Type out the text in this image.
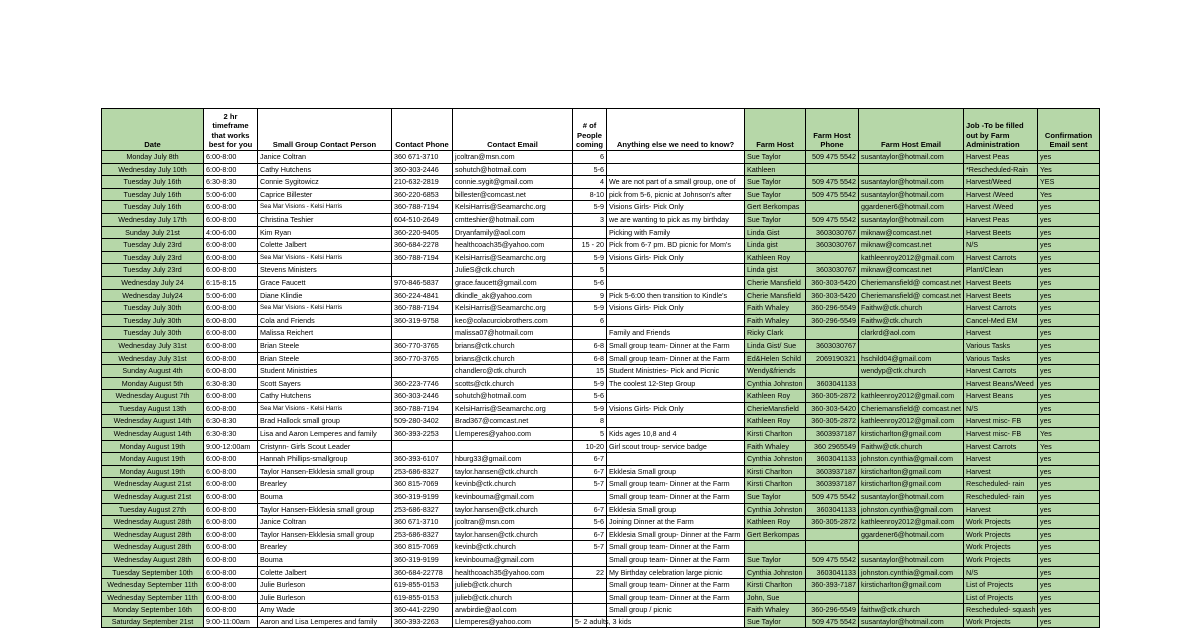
Date	2 hr timeframe that works best for you	Small Group Contact Person	Contact Phone	Contact Email	# of People coming	Anything else we need to know?	Farm Host	Farm Host Phone	Farm Host Email	Job -To be filled out by Farm Administration	Confirmation Email sent
Monday July 8th	6:00-8:00	Janice Coltran	360 671-3710	jcoltran@msn.com	6		Sue Taylor	509 475 5542	susantaylor@hotmail.com	Harvest Peas	yes
Wednesday July 10th	6:00-8:00	Cathy Hutchens	360-303-2446	sohutch@hotmail.com	5-6		Kathleen			*Rescheduled-Rain	Yes
Tuesday July 16th	6:30-8:30	Connie Sygitowicz	210-632-2819	connie.sygit@gmail.com	4	We are not part of a small group, one of	Sue Taylor	509 475 5542	susantaylor@hotmail.com	Harvest/Weed	YES
Tuesday July 16th	5:00-6:00	Caprice Billester	360-220-6853	billester@comcast.net	8-10	pick from 5-6, picnic at Johnson's after	Sue Taylor	509 475 5542	susantaylor@hotmail.com	Harvest /Weed	Yes
Tuesday July 16th	6:00-8:00	Sea Mar Visions - Kelsi Harris	360-788-7194	KelsiHarris@Seamarchc.org	5-9	Visions Girls- Pick Only	Gert Berkompas		ggardener6@hotmail.com	Harvest /Weed	yes
Wednesday July 17th	6:00-8:00	Christina Teshier	604-510-2649	cmtteshier@hotmail.com	3	we are wanting to pick as my birthday	Sue Taylor	509 475 5542	susantaylor@hotmail.com	Harvest Peas	yes
Sunday July 21st	4:00-6:00	Kim Ryan	360-220-9405	Dryanfamily@aol.com		Picking with Family	Linda Gist	3603030767	miknaw@comcast.net	Harvest Beets	yes
Tuesday July 23rd	6:00-8:00	Colette Jalbert	360-684-2278	healthcoach35@yahoo.com	15 - 20	Pick from 6-7 pm. BD picnic for Mom's	Linda gist	3603030767	miknaw@comcast.net	N/S	yes
Tuesday July 23rd	6:00-8:00	Sea Mar Visions - Kelsi Harris	360-788-7194	KelsiHarris@Seamarchc.org	5-9	Visions Girls- Pick Only	Kathleen Roy		kathleenroy2012@gmail.com	Harvest Carrots	yes
Tuesday July 23rd	6:00-8:00	Stevens Ministers		JulieS@ctk.church	5		Linda gist	3603030767	miknaw@comcast.net	Plant/Clean	yes
Wednesday July 24	6:15-8:15	Grace Faucett	970-846-5837	grace.faucett@gmail.com	5-6		Cherie Mansfield	360-303-5420	Cheriemansfield@ comcast.net	Harvest Beets	yes
Wednesday July24	5:00-6:00	Diane Klindie	360-224-4841	dkindle_ak@yahoo.com	9	Pick 5-6:00 then transition to Kindle's	Cherie Mansfield	360-303-5420	Cheriemansfield@ comcast.net	Harvest Beets	yes
Tuesday July 30th	6:00-8:00	Sea Mar Visions - Kelsi Harris	360-788-7194	KelsiHarris@Seamarchc.org	5-9	Visions Girls- Pick Only	Faith Whaley	360-296-5549	Faithw@ctk.church	Harvest Carrots	yes
Tuesday July 30th	6:00-8:00	Cola and Friends	360-319-9758	kec@colacurciobrothers.com	6		Faith Whaley	360-296-5549	Faithw@ctk.church	Cancel-Med EM	yes
Tuesday July 30th	6:00-8:00	Malissa Reichert		malissa07@hotmail.com		Family and Friends	Ricky Clark		clarkrd@aol.com	Harvest	yes
Wednesday July 31st	6:00-8:00	Brian Steele	360-770-3765	brians@ctk.church	6-8	Small group team- Dinner at the Farm	Linda Gist/ Sue	3603030767		Various Tasks	yes
Wednesday July 31st	6:00-8:00	Brian Steele	360-770-3765	brians@ctk.church	6-8	Small group team- Dinner at the Farm	Ed&Helen Schild	2069190321	hschild04@gmail.com	Various Tasks	yes
Sunday August 4th	6:00-8:00	Student Ministries		chandlerc@ctk.church	15	Student Ministries- Pick and Picnic	Wendy&friends		wendyp@ctk.church	Harvest Carrots	yes
Monday August 5th	6:30-8:30	Scott Sayers	360-223-7746	scotts@ctk.church	5-9	The coolest 12-Step Group	Cynthia Johnston	3603041133		Harvest Beans/Weed	yes
Wednesday August 7th	6:00-8:00	Cathy Hutchens	360-303-2446	sohutch@hotmail.com	5-6		Kathleen Roy	360-305-2872	kathleenroy2012@gmail.com	Harvest Beans	yes
Tuesday August 13th	6:00-8:00	Sea Mar Visions - Kelsi Harris	360-788-7194	KelsiHarris@Seamarchc.org	5-9	Visions Girls- Pick Only	CherieMansfield	360-303-5420	Cheriemansfield@ comcast.net	N/S	yes
Wednesday August 14th	6:30-8:30	Brad Hallock small group	509-280-3402	Brad367@comcast.net	8		Kathleen Roy	360-305-2872	kathleenroy2012@gmail.com	Harvest misc- FB	yes
Wednesday August 14th	6:30-8:30	Lisa and Aaron Lemperes and family	360-393-2253	Llemperes@yahoo.com	5	Kids ages 10,8 and 4	Kirsti Charlton	3603937187	kirsticharlton@gmail.com	Harvest misc- FB	Yes
Monday August 19th	9:00-12:00am	Cristynn- Girls Scout Leader			10-20	Girl scout troup- service badge	Faith Whaley	360 2965549	Faithw@ctk.church	Harvest Carrots	Yes
Monday August 19th	6:00-8:00	Hannah Phillips-smallgroup	360-393-6107	hburg33@gmail.com	6-7		Cynthia Johnston	3603041133	johnston.cynthia@gmail.com	Harvest	yes
Monday August 19th	6:00-8:00	Taylor Hansen-Ekklesia small group	253-686-8327	taylor.hansen@ctk.church	6-7	Ekklesia Small group	Kirsti Charlton	3603937187	kirsticharlton@gmail.com	Harvest	yes
Wednesday August 21st	6:00-8:00	Brearley	360 815-7069	kevinb@ctk.church	5-7	Small group team- Dinner at the Farm	Kirsti Charlton	3603937187	kirsticharlton@gmail.com	Rescheduled- rain	yes
Wednesday August 21st	6:00-8:00	Bouma	360-319-9199	kevinbouma@gmail.com		Small group team- Dinner at the Farm	Sue Taylor	509 475 5542	susantaylor@hotmail.com	Rescheduled- rain	yes
Tuesday August 27th	6:00-8:00	Taylor Hansen-Ekklesia small group	253-686-8327	taylor.hansen@ctk.church	6-7	Ekklesia Small group	Cynthia Johnston	3603041133	johnston.cynthia@gmail.com	Harvest	yes
Wednesday August 28th	6:00-8:00	Janice Coltran	360 671-3710	jcoltran@msn.com	5-6	Joining Dinner at the Farm	Kathleen Roy	360-305-2872	kathleenroy2012@gmail.com	Work Projects	yes
Wednesday August 28th	6:00-8:00	Taylor Hansen-Ekklesia small group	253-686-8327	taylor.hansen@ctk.church	6-7	Ekklesia Small group- Dinner at the Farm	Gert Berkompas		ggardener6@hotmail.com	Work Projects	yes
Wednesday August 28th	6:00-8:00	Brearley	360 815-7069	kevinb@ctk.church	5-7	Small group team- Dinner at the Farm				Work Projects	yes
Wednesday August 28th	6:00-8:00	Bouma	360-319-9199	kevinbouma@gmail.com		Small group team- Dinner at the Farm	Sue Taylor	509 475 5542	susantaylor@hotmail.com	Work Projects	yes
Tuesday September 10th	6:00-8:00	Colette Jalbert	360-684-22778	healthcoach35@yahoo.com	22	My Birthday celebration large picnic	Cynthia Johnston	3603041133	johnston.cynthia@gmail.com	N/S	yes
Wednesday September 11th	6:00-8:00	Julie Burleson	619-855-0153	julieb@ctk.church		Small group team- Dinner at the Farm	Kirsti Charlton	360-393-7187	kirsticharlton@gmail.com	List of Projects	yes
Wednesday September 11th	6:00-8:00	Julie Burleson	619-855-0153	julieb@ctk.church		Small group team- Dinner at the Farm	John, Sue			List of Projects	yes
Monday September 16th	6:00-8:00	Amy Wade	360-441-2290	arwbirdie@aol.com		Small group / picnic	Faith Whaley	360-296-5549	faithw@ctk.church	Rescheduled- squash	yes
Saturday September 21st	9:00-11:00am	Aaron and Lisa Lemperes and family	360-393-2263	Llemperes@yahoo.com	5- 2 adults, 3 kids		Sue Taylor	509 475 5542	susantaylor@hotmail.com	Work Projects	yes
